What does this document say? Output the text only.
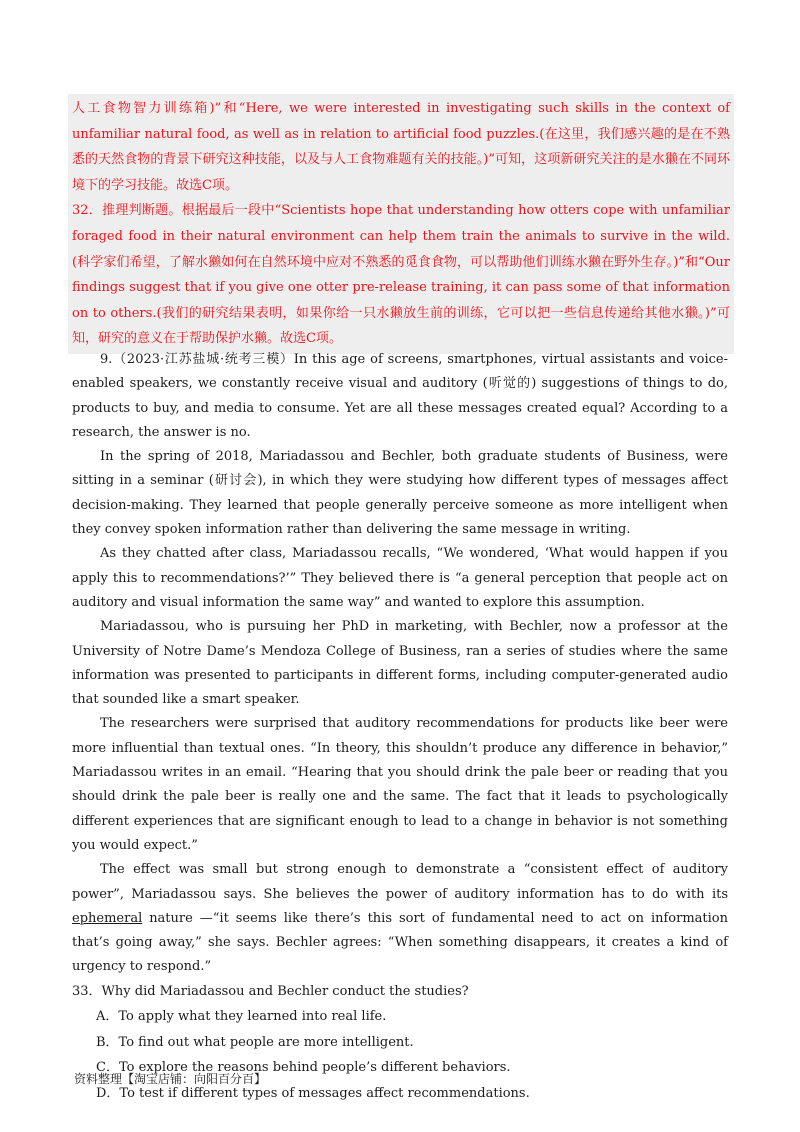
人工食物智力训练箱)”和“Here, we were interested in investigating such skills in the context of unfamiliar natural food, as well as in relation to artificial food puzzles.(在这里，我们感兴趣的是在不熟悉的天然食物的背景下研究这种技能，以及与人工食物难题有关的技能。)”可知，这项新研究关注的是水獭在不同环境下的学习技能。故选C项。

32．推理判断题。根据最后一段中“Scientists hope that understanding how otters cope with unfamiliar foraged food in their natural environment can help them train the animals to survive in the wild. (科学家们希望，了解水獭如何在自然环境中应对不熟悉的觅食食物，可以帮助他们训练水獭在野外生存。)”和“Our findings suggest that if you give one otter pre-release training, it can pass some of that information on to others.(我们的研究结果表明，如果你给一只水獭放生前的训练，它可以把一些信息传递给其他水獭。)”可知，研究的意义在于帮助保护水獭。故选C项。

9.（2023·江苏盐城·统考三模）In this age of screens, smartphones, virtual assistants and voice-enabled speakers, we constantly receive visual and auditory (听觉的) suggestions of things to do, products to buy, and media to consume. Yet are all these messages created equal? According to a research, the answer is no.

In the spring of 2018, Mariadassou and Bechler, both graduate students of Business, were sitting in a seminar (研讨会), in which they were studying how different types of messages affect decision-making. They learned that people generally perceive someone as more intelligent when they convey spoken information rather than delivering the same message in writing.

As they chatted after class, Mariadassou recalls, “We wondered, ‘What would happen if you apply this to recommendations?’” They believed there is “a general perception that people act on auditory and visual information the same way” and wanted to explore this assumption.

Mariadassou, who is pursuing her PhD in marketing, with Bechler, now a professor at the University of Notre Dame’s Mendoza College of Business, ran a series of studies where the same information was presented to participants in different forms, including computer-generated audio that sounded like a smart speaker.

The researchers were surprised that auditory recommendations for products like beer were more influential than textual ones. “In theory, this shouldn’t produce any difference in behavior,” Mariadassou writes in an email. “Hearing that you should drink the pale beer or reading that you should drink the pale beer is really one and the same. The fact that it leads to psychologically different experiences that are significant enough to lead to a change in behavior is not something you would expect.”

The effect was small but strong enough to demonstrate a “consistent effect of auditory power”, Mariadassou says. She believes the power of auditory information has to do with its ephemeral nature —“it seems like there’s this sort of fundamental need to act on information that’s going away,” she says. Bechler agrees: “When something disappears, it creates a kind of urgency to respond.”

33．Why did Mariadassou and Bechler conduct the studies?

A．To apply what they learned into real life.

B．To find out what people are more intelligent.

C．To explore the reasons behind people’s different behaviors.

D．To test if different types of messages affect recommendations.

资料整理【淘宝店铺：向阳百分百】
